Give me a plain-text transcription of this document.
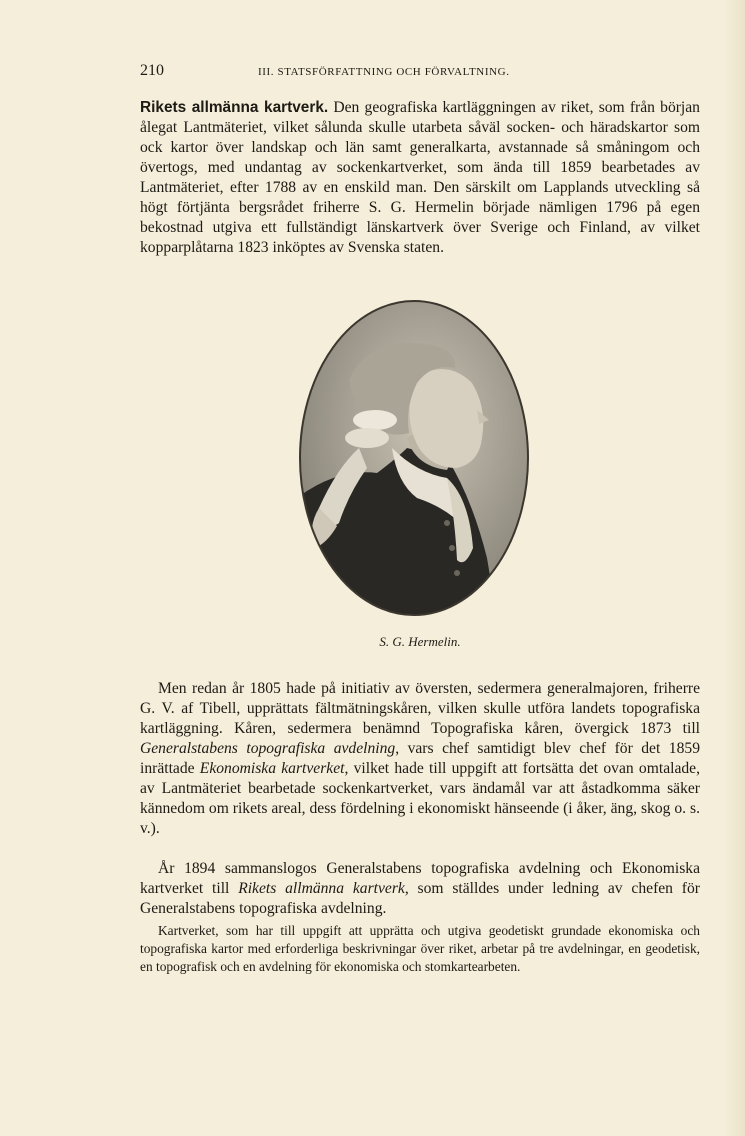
210	III. STATSFÖRFATTNING OCH FÖRVALTNING.

Rikets allmänna kartverk. Den geografiska kartläggningen av riket, som från början ålegat Lantmäteriet, vilket sålunda skulle utarbeta såväl socken- och häradskartor som ock kartor över landskap och län samt generalkarta, avstannade så småningom och övertogs, med undantag av sockenkartverket, som ända till 1859 bearbetades av Lantmäteriet, efter 1788 av en enskild man. Den särskilt om Lapplands utveckling så högt förtjänta bergsrådet friherre S. G. Hermelin började nämligen 1796 på egen bekostnad utgiva ett fullständigt länskartverk över Sverige och Finland, av vilket kopparplåtarna 1823 inköptes av Svenska staten.

S. G. Hermelin.

Men redan år 1805 hade på initiativ av översten, sedermera generalmajoren, friherre G. V. af Tibell, upprättats fältmätningskåren, vilken skulle utföra landets topografiska kartläggning. Kåren, sedermera benämnd Topografiska kåren, övergick 1873 till Generalstabens topografiska avdelning, vars chef samtidigt blev chef för det 1859 inrättade Ekonomiska kartverket, vilket hade till uppgift att fortsätta det ovan omtalade, av Lantmäteriet bearbetade sockenkartverket, vars ändamål var att åstadkomma säker kännedom om rikets areal, dess fördelning i ekonomiskt hänseende (i åker, äng, skog o. s. v.).

År 1894 sammanslogos Generalstabens topografiska avdelning och Ekonomiska kartverket till Rikets allmänna kartverk, som ställdes under ledning av chefen för Generalstabens topografiska avdelning.

Kartverket, som har till uppgift att upprätta och utgiva geodetiskt grundade ekonomiska och topografiska kartor med erforderliga beskrivningar över riket, arbetar på tre avdelningar, en geodetisk, en topografisk och en avdelning för ekonomiska och stomkartearbeten.
